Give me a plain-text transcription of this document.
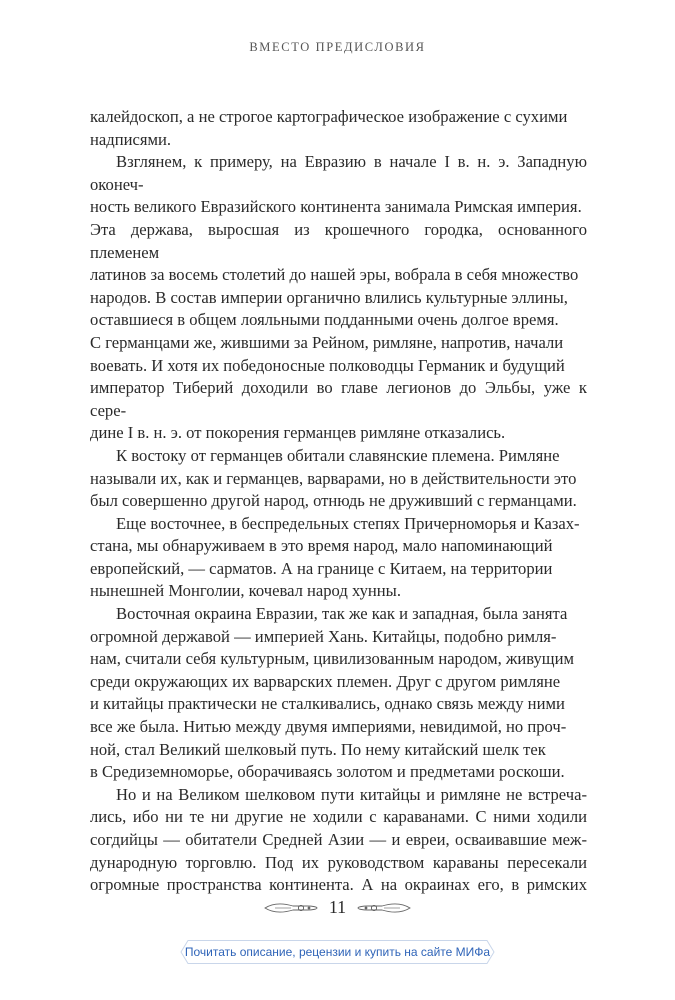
ВМЕСТО ПРЕДИСЛОВИЯ

калейдоскоп, а не строгое картографическое изображение с сухими
надписями.

Взглянем, к примеру, на Евразию в начале I в. н. э. Западную оконеч-
ность великого Евразийского континента занимала Римская империя.
Эта держава, выросшая из крошечного городка, основанного племенем
латинов за восемь столетий до нашей эры, вобрала в себя множество
народов. В состав империи органично влились культурные эллины,
оставшиеся в общем лояльными подданными очень долгое время.
С германцами же, жившими за Рейном, римляне, напротив, начали
воевать. И хотя их победоносные полководцы Германик и будущий
император Тиберий доходили во главе легионов до Эльбы, уже к сере-
дине I в. н. э. от покорения германцев римляне отказались.

К востоку от германцев обитали славянские племена. Римляне
называли их, как и германцев, варварами, но в действительности это
был совершенно другой народ, отнюдь не друживший с германцами.

Еще восточнее, в беспредельных степях Причерноморья и Казах-
стана, мы обнаруживаем в это время народ, мало напоминающий
европейский, — сарматов. А на границе с Китаем, на территории
нынешней Монголии, кочевал народ хунны.

Восточная окраина Евразии, так же как и западная, была занята
огромной державой — империей Хань. Китайцы, подобно римля-
нам, считали себя культурным, цивилизованным народом, живущим
среди окружающих их варварских племен. Друг с другом римляне
и китайцы практически не сталкивались, однако связь между ними
все же была. Нитью между двумя империями, невидимой, но проч-
ной, стал Великий шелковый путь. По нему китайский шелк тек
в Средиземноморье, оборачиваясь золотом и предметами роскоши.

Но и на Великом шелковом пути китайцы и римляне не встреча-
лись, ибо ни те ни другие не ходили с караванами. С ними ходили
согдийцы — обитатели Средней Азии — и евреи, осваивавшие меж-
дународную торговлю. Под их руководством караваны пересекали
огромные пространства континента. А на окраинах его, в римских

11
Почитать описание, рецензии и купить на сайте МИФа
